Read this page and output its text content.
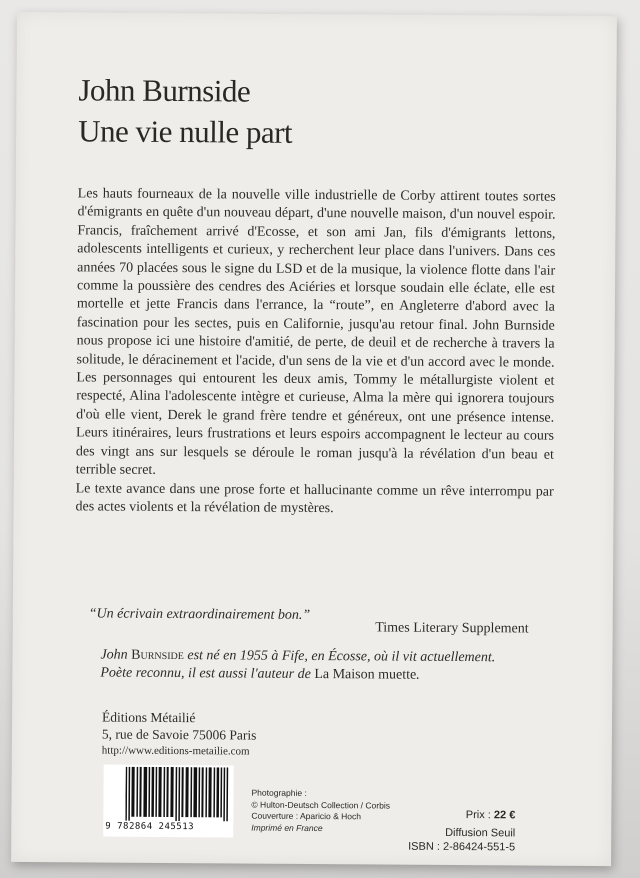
John Burnside
Une vie nulle part

Les hauts fourneaux de la nouvelle ville industrielle de Corby attirent toutes sortes d'émigrants en quête d'un nouveau départ, d'une nouvelle maison, d'un nouvel espoir. Francis, fraîchement arrivé d'Ecosse, et son ami Jan, fils d'émigrants lettons, adolescents intelligents et curieux, y recherchent leur place dans l'univers. Dans ces années 70 placées sous le signe du LSD et de la musique, la violence flotte dans l'air comme la poussière des cendres des Aciéries et lorsque soudain elle éclate, elle est mortelle et jette Francis dans l'errance, la “route”, en Angleterre d'abord avec la fascination pour les sectes, puis en Californie, jusqu'au retour final. John Burnside nous propose ici une histoire d'amitié, de perte, de deuil et de recherche à travers la solitude, le déracinement et l'acide, d'un sens de la vie et d'un accord avec le monde. Les personnages qui entourent les deux amis, Tommy le métallurgiste violent et respecté, Alina l'adolescente intègre et curieuse, Alma la mère qui ignorera toujours d'où elle vient, Derek le grand frère tendre et généreux, ont une présence intense. Leurs itinéraires, leurs frustrations et leurs espoirs accompagnent le lecteur au cours des vingt ans sur lesquels se déroule le roman jusqu'à la révélation d'un beau et terrible secret.

Le texte avance dans une prose forte et hallucinante comme un rêve interrompu par des actes violents et la révélation de mystères.

“Un écrivain extraordinairement bon.”
Times Literary Supplement
John Burnside est né en 1955 à Fife, en Écosse, où il vit actuellement. Poète reconnu, il est aussi l'auteur de La Maison muette.
Éditions Métailié
5, rue de Savoie 75006 Paris
http://www.editions-metailie.com
9 782864 245513
Photographie :
© Hulton-Deutsch Collection / Corbis
Couverture : Aparicio & Hoch
Imprimé en France
Prix : 22 €
Diffusion Seuil
ISBN : 2-86424-551-5
